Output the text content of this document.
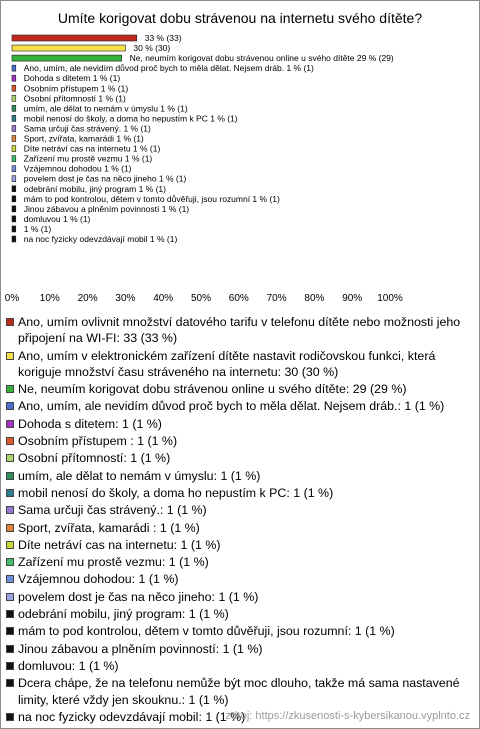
Umíte korigovat dobu strávenou na internetu svého dítěte?
33 % (33)
30 % (30)
Ne, neumím korigovat dobu strávenou online u svého dítěte 29 % (29)
Ano, umím, ale nevidím důvod proč bych to měla dělat. Nejsem dráb. 1 % (1)
Dohoda s ditetem 1 % (1)
Osobním přístupem 1 % (1)
Osobní přítomností 1 % (1)
umím, ale dělat to nemám v úmyslu 1 % (1)
mobil nenosí do školy, a doma ho nepustím k PC 1 % (1)
Sama určuji čas strávený. 1 % (1)
Sport, zvířata, kamarádi 1 % (1)
Díte netráví cas na internetu 1 % (1)
Zařízení mu prostě vezmu 1 % (1)
Vzájemnou dohodou 1 % (1)
povelem dost je čas na něco jineho 1 % (1)
odebrání mobilu, jiný program 1 % (1)
mám to pod kontrolou, dětem v tomto důvěřuji, jsou rozumní 1 % (1)
Jinou zábavou a plněním povinností 1 % (1)
domluvou 1 % (1)
1 % (1)
na noc fyzicky odevzdávají mobil 1 % (1)
0% 10% 20% 30% 40% 50% 60% 70% 80% 90% 100%
Ano, umím ovlivnit množství datového tarifu v telefonu dítěte nebo možnosti jeho připojení na WI-FI: 33 (33 %)
Ano, umím v elektronickém zařízení dítěte nastavit rodičovskou funkci, která koriguje množství času stráveného na internetu: 30 (30 %)
Ne, neumím korigovat dobu strávenou online u svého dítěte: 29 (29 %)
Ano, umím, ale nevidím důvod proč bych to měla dělat. Nejsem dráb.: 1 (1 %)
Dohoda s ditetem: 1 (1 %)
Osobním přístupem : 1 (1 %)
Osobní přítomností: 1 (1 %)
umím, ale dělat to nemám v úmyslu: 1 (1 %)
mobil nenosí do školy, a doma ho nepustím k PC: 1 (1 %)
Sama určuji čas strávený.: 1 (1 %)
Sport, zvířata, kamarádi : 1 (1 %)
Díte netráví cas na internetu: 1 (1 %)
Zařízení mu prostě vezmu: 1 (1 %)
Vzájemnou dohodou: 1 (1 %)
povelem dost je čas na něco jineho: 1 (1 %)
odebrání mobilu, jiný program: 1 (1 %)
mám to pod kontrolou, dětem v tomto důvěřuji, jsou rozumní: 1 (1 %)
Jinou zábavou a plněním povinností: 1 (1 %)
domluvou: 1 (1 %)
Dcera chápe, že na telefonu nemůže být moc dlouho, takže má sama nastavené limity, které vždy jen skouknu.: 1 (1 %)
na noc fyzicky odevzdávají mobil: 1 (1 %)
zdroj: https://zkusenosti-s-kybersikanou.vyplnto.cz
